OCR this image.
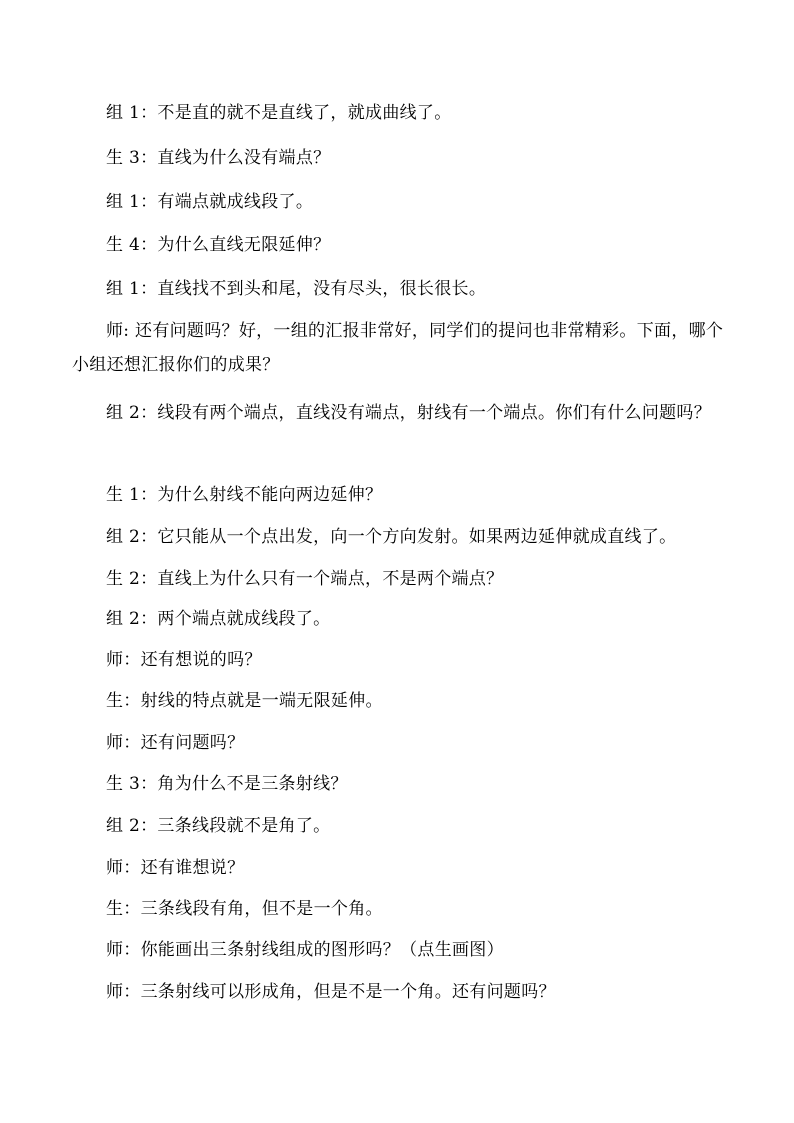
组 1：不是直的就不是直线了，就成曲线了。

生 3：直线为什么没有端点？

组 1：有端点就成线段了。

生 4：为什么直线无限延伸？

组 1：直线找不到头和尾，没有尽头，很长很长。

师: 还有问题吗？好，一组的汇报非常好，同学们的提问也非常精彩。下面，哪个小组还想汇报你们的成果？

组 2：线段有两个端点，直线没有端点，射线有一个端点。你们有什么问题吗？

生 1：为什么射线不能向两边延伸？

组 2：它只能从一个点出发，向一个方向发射。如果两边延伸就成直线了。

生 2：直线上为什么只有一个端点，不是两个端点？

组 2：两个端点就成线段了。

师：还有想说的吗？

生：射线的特点就是一端无限延伸。

师：还有问题吗？

生 3：角为什么不是三条射线？

组 2：三条线段就不是角了。

师：还有谁想说？

生：三条线段有角，但不是一个角。

师：你能画出三条射线组成的图形吗？（点生画图）

师：三条射线可以形成角，但是不是一个角。还有问题吗？
